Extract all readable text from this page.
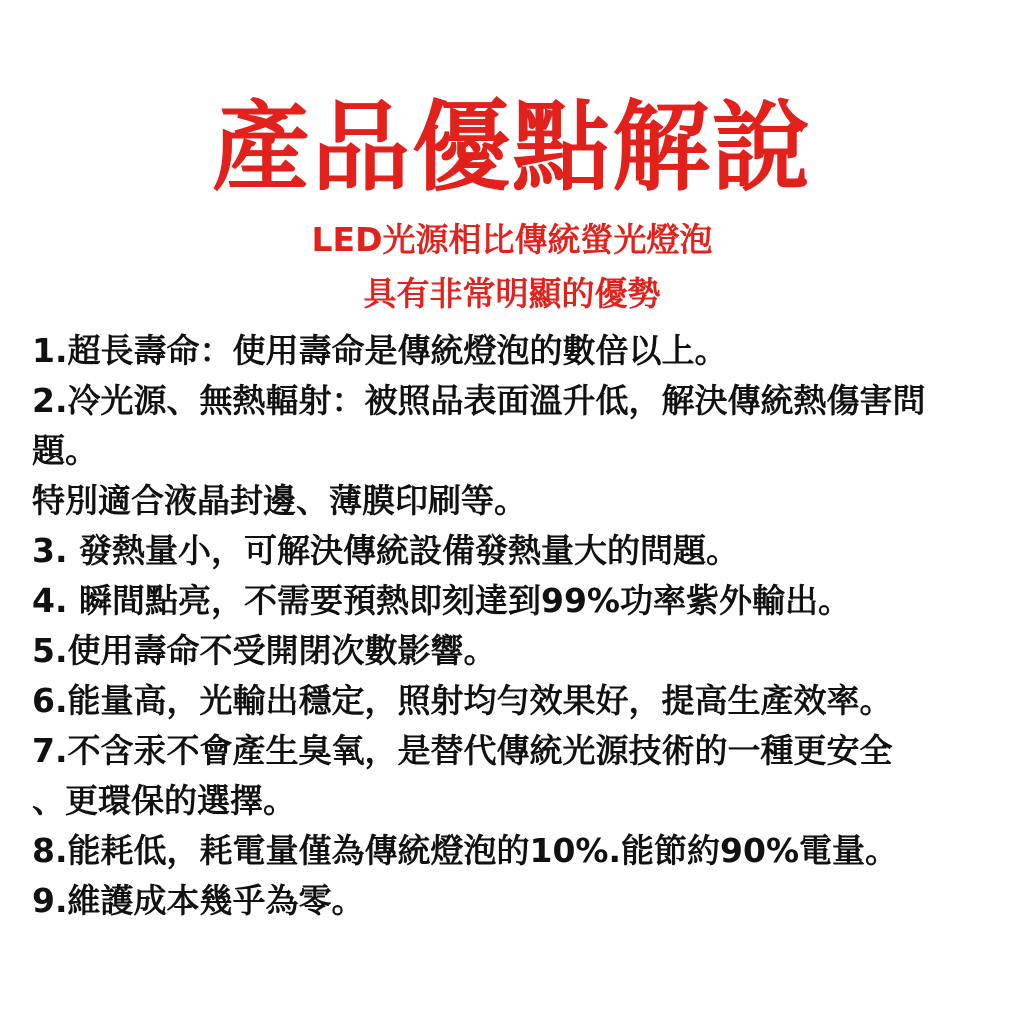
產品優點解說
LED光源相比傳統螢光燈泡
具有非常明顯的優勢
1.超長壽命：使用壽命是傳統燈泡的數倍以上。
2.冷光源、無熱輻射：被照品表面溫升低，解決傳統熱傷害問
題。
特別適合液晶封邊、薄膜印刷等。
3. 發熱量小，可解決傳統設備發熱量大的問題。
4. 瞬間點亮，不需要預熱即刻達到99%功率紫外輸出。
5.使用壽命不受開閉次數影響。
6.能量高，光輸出穩定，照射均勻效果好，提高生產效率。
7.不含汞不會產生臭氧，是替代傳統光源技術的一種更安全
、更環保的選擇。
8.能耗低，耗電量僅為傳統燈泡的10%.能節約90%電量。
9.維護成本幾乎為零。
